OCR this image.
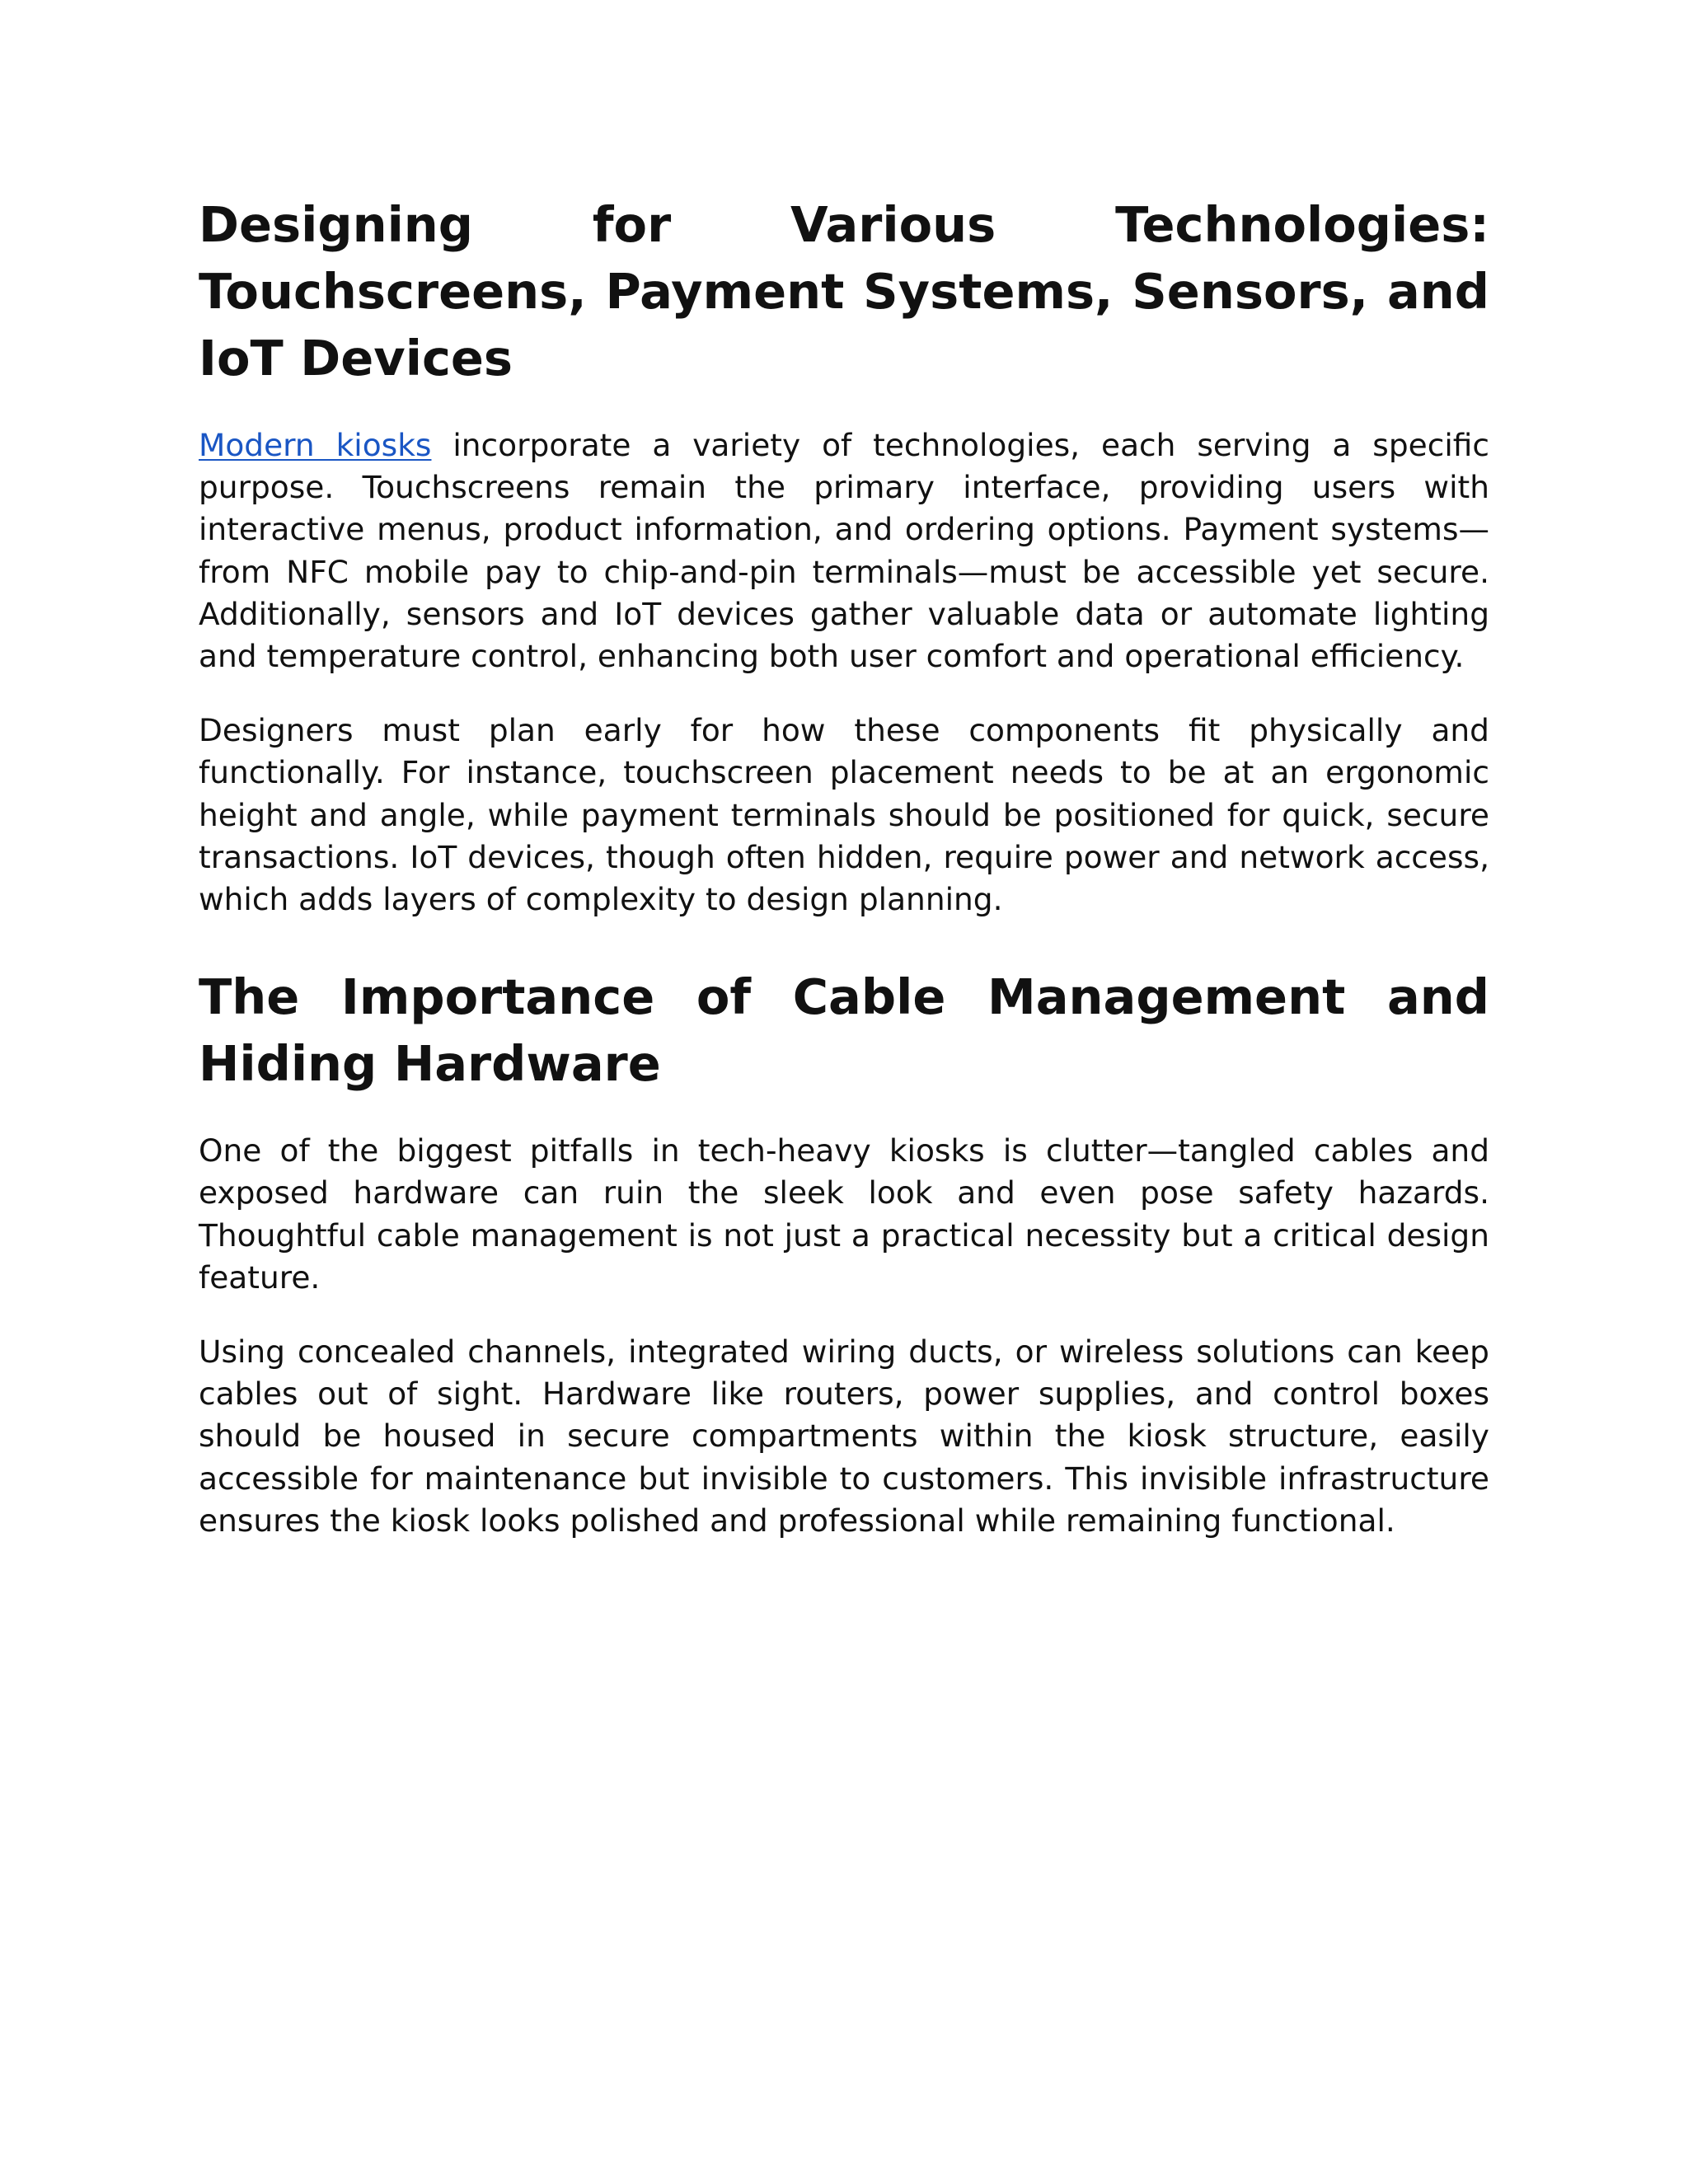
Designing for Various Technologies: Touchscreens, Payment Systems, Sensors, and IoT Devices

Modern kiosks incorporate a variety of technologies, each serving a specific purpose. Touchscreens remain the primary interface, providing users with interactive menus, product information, and ordering options. Payment systems—from NFC mobile pay to chip-and-pin terminals—must be accessible yet secure. Additionally, sensors and IoT devices gather valuable data or automate lighting and temperature control, enhancing both user comfort and operational efficiency.

Designers must plan early for how these components fit physically and functionally. For instance, touchscreen placement needs to be at an ergonomic height and angle, while payment terminals should be positioned for quick, secure transactions. IoT devices, though often hidden, require power and network access, which adds layers of complexity to design planning.

The Importance of Cable Management and Hiding Hardware

One of the biggest pitfalls in tech-heavy kiosks is clutter—tangled cables and exposed hardware can ruin the sleek look and even pose safety hazards. Thoughtful cable management is not just a practical necessity but a critical design feature.

Using concealed channels, integrated wiring ducts, or wireless solutions can keep cables out of sight. Hardware like routers, power supplies, and control boxes should be housed in secure compartments within the kiosk structure, easily accessible for maintenance but invisible to customers. This invisible infrastructure ensures the kiosk looks polished and professional while remaining functional.
